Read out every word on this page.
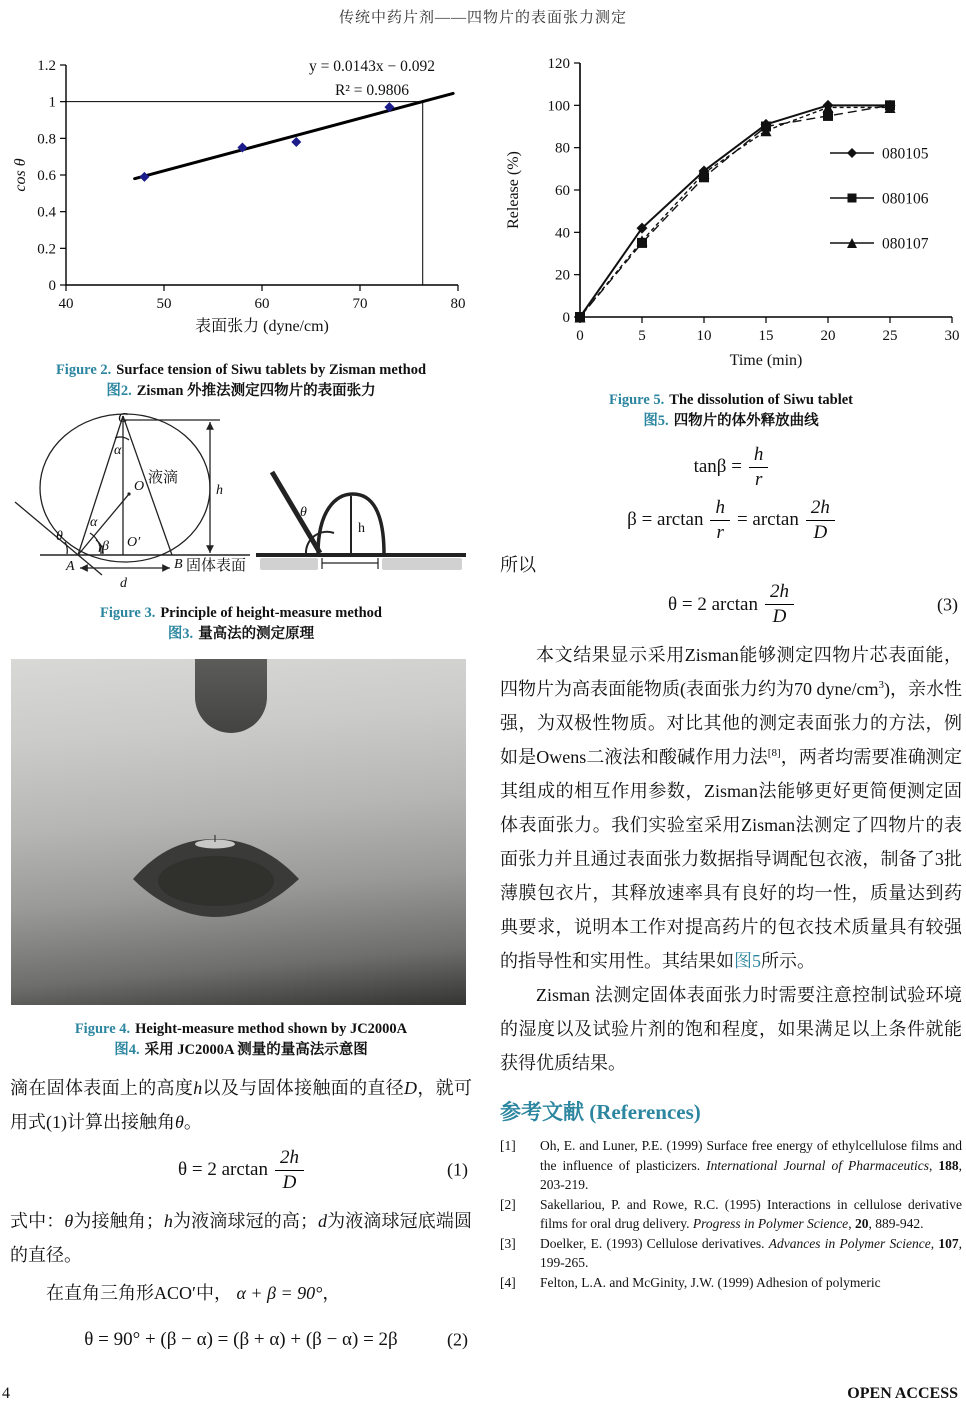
传统中药片剂——四物片的表面张力测定
0
0.2
0.4
0.6
0.8
1
1.2
40	50	60	70	80
y = 0.0143x − 0.092
R² = 0.9806
表面张力 (dyne/cm)
cos θ
Figure 2. Surface tension of Siwu tablets by Zisman method
图2. Zisman 外推法测定四物片的表面张力
C
O
O′
A	B
α
α
β
θ
r
d
h
θ
h
液滴
固体表面
Figure 3. Principle of height-measure method
图3. 量高法的测定原理
Figure 4. Height-measure method shown by JC2000A
图4. 采用 JC2000A 测量的量高法示意图

滴在固体表面上的高度h以及与固体接触面的直径D，就可用式(1)计算出接触角θ。

θ = 2 $\arctan \frac{2h}{D}$	(1)

式中：θ为接触角；h为液滴球冠的高；d为液滴球冠底端圆的直径。

在直角三角形ACO′中， α + β = 90°，

θ = 90° + (β − α) = (β + α) + (β − α) = 2β	(2)
0
20
40
60
80
100
120
0	5	10	15	20	25	30
080105
080106
080107
Time (min)
Release (%)
Figure 5. The dissolution of Siwu tablet
图5. 四物片的体外释放曲线
$\tan\beta = \frac{h}{r}$
$\beta = \arctan \frac{h}{r} = \arctan \frac{2h}{D}$

所以

θ = 2 $\arctan \frac{2h}{D}$	(3)

本文结果显示采用Zisman能够测定四物片芯表面能，四物片为高表面能物质(表面张力约为70 dyne/$cm^3$)，亲水性强，为双极性物质。对比其他的测定表面张力的方法，例如是Owens二液法和酸碱作用力法[8]，两者均需要准确测定其组成的相互作用参数，Zisman法能够更好更简便测定固体表面张力。我们实验室采用Zisman法测定了四物片的表面张力并且通过表面张力数据指导调配包衣液，制备了3批薄膜包衣片，其释放速率具有良好的均一性，质量达到药典要求，说明本工作对提高药片的包衣技术质量具有较强的指导性和实用性。其结果如图5所示。

Zisman 法测定固体表面张力时需要注意控制试验环境的湿度以及试验片剂的饱和程度，如果满足以上条件就能获得优质结果。

参考文献 (References)
[1]	Oh, E. and Luner, P.E. (1999) Surface free energy of ethylcellulose films and the influence of plasticizers. International Journal of Pharmaceutics, 188, 203-219.
[2]	Sakellariou, P. and Rowe, R.C. (1995) Interactions in cellulose derivative films for oral drug delivery. Progress in Polymer Science, 20, 889-942.
[3]	Doelker, E. (1993) Cellulose derivatives. Advances in Polymer Science, 107, 199-265.
[4]	Felton, L.A. and McGinity, J.W. (1999) Adhesion of polymeric
4	OPEN ACCESS
